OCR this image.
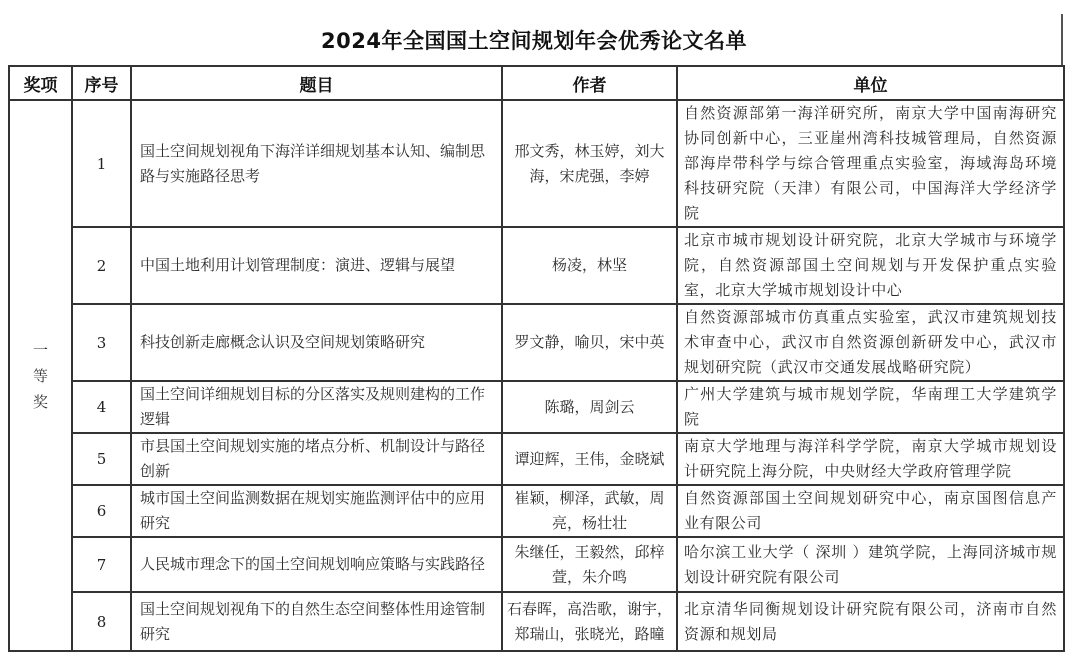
2024年全国国土空间规划年会优秀论文名单
奖项	序号	题目	作者	单位
一等奖	1	国土空间规划视角下海洋详细规划基本认知、编制思路与实施路径思考	邢文秀，林玉婷，刘大海，宋虎强，李婷	自然资源部第一海洋研究所，南京大学中国南海研究协同创新中心，三亚崖州湾科技城管理局，自然资源部海岸带科学与综合管理重点实验室，海域海岛环境科技研究院（天津）有限公司，中国海洋大学经济学院
	2	中国土地利用计划管理制度：演进、逻辑与展望	杨凌，林坚	北京市城市规划设计研究院，北京大学城市与环境学院，自然资源部国土空间规划与开发保护重点实验室，北京大学城市规划设计中心
	3	科技创新走廊概念认识及空间规划策略研究	罗文静，喻贝，宋中英	自然资源部城市仿真重点实验室，武汉市建筑规划技术审查中心，武汉市自然资源创新研发中心，武汉市规划研究院（武汉市交通发展战略研究院）
	4	国土空间详细规划目标的分区落实及规则建构的工作逻辑	陈璐，周剑云	广州大学建筑与城市规划学院，华南理工大学建筑学院
	5	市县国土空间规划实施的堵点分析、机制设计与路径创新	谭迎辉，王伟，金晓斌	南京大学地理与海洋科学学院，南京大学城市规划设计研究院上海分院，中央财经大学政府管理学院
	6	城市国土空间监测数据在规划实施监测评估中的应用研究	崔颖，柳泽，武敏，周亮，杨壮壮	自然资源部国土空间规划研究中心，南京国图信息产业有限公司
	7	人民城市理念下的国土空间规划响应策略与实践路径	朱继任，王毅然，邱梓萱，朱介鸣	哈尔滨工业大学（ 深圳 ）建筑学院，上海同济城市规划设计研究院有限公司
	8	国土空间规划视角下的自然生态空间整体性用途管制研究	石春晖，高浩歌，谢宇，郑瑞山，张晓光，路曈	北京清华同衡规划设计研究院有限公司，济南市自然资源和规划局
